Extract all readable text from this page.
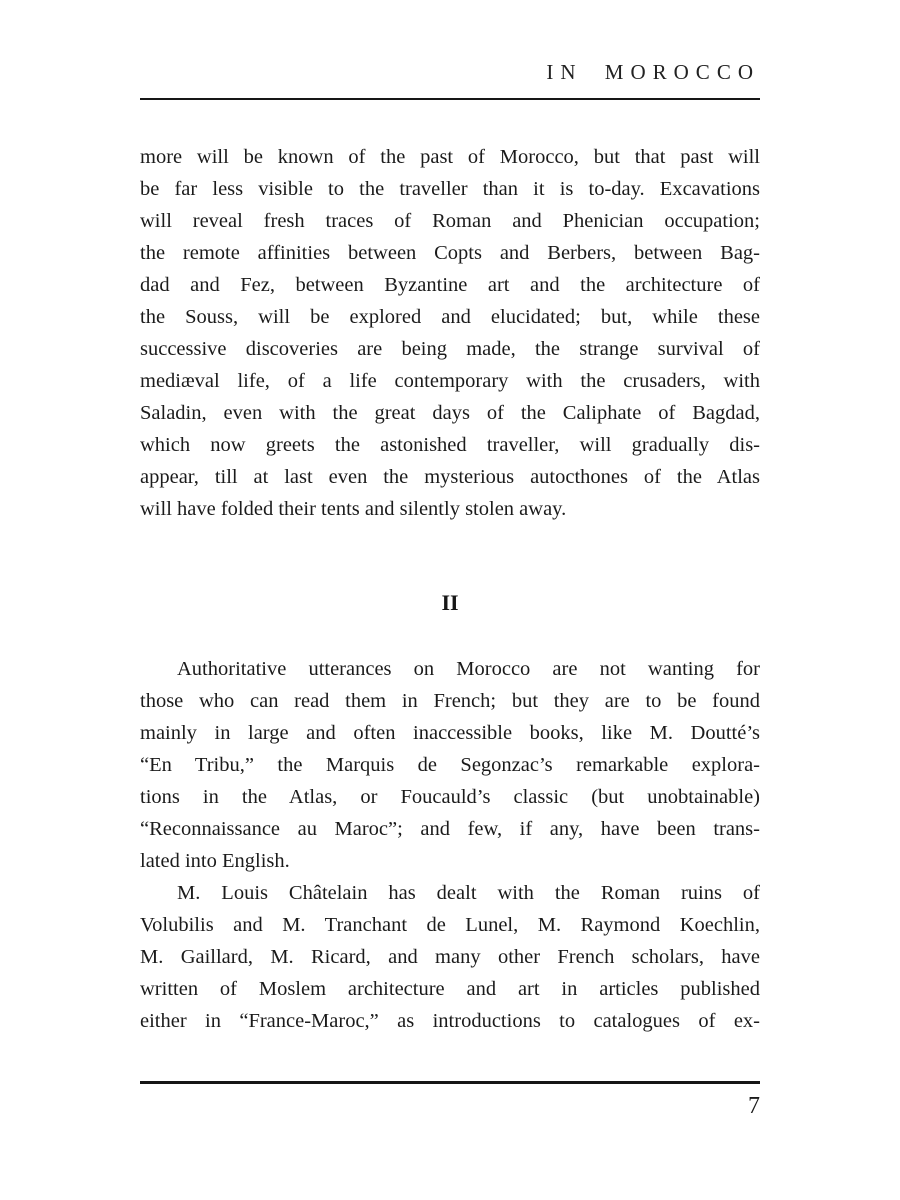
IN MOROCCO
more will be known of the past of Morocco, but that past will
be far less visible to the traveller than it is to-day. Excavations
will reveal fresh traces of Roman and Phenician occupation;
the remote affinities between Copts and Berbers, between Bag-
dad and Fez, between Byzantine art and the architecture of
the Souss, will be explored and elucidated; but, while these
successive discoveries are being made, the strange survival of
mediæval life, of a life contemporary with the crusaders, with
Saladin, even with the great days of the Caliphate of Bagdad,
which now greets the astonished traveller, will gradually dis-
appear, till at last even the mysterious autocthones of the Atlas
will have folded their tents and silently stolen away.
II
Authoritative utterances on Morocco are not wanting for
those who can read them in French; but they are to be found
mainly in large and often inaccessible books, like M. Doutté’s
“En Tribu,” the Marquis de Segonzac’s remarkable explora-
tions in the Atlas, or Foucauld’s classic (but unobtainable)
“Reconnaissance au Maroc”; and few, if any, have been trans-
lated into English.
M. Louis Châtelain has dealt with the Roman ruins of
Volubilis and M. Tranchant de Lunel, M. Raymond Koechlin,
M. Gaillard, M. Ricard, and many other French scholars, have
written of Moslem architecture and art in articles published
either in “France-Maroc,” as introductions to catalogues of ex-
7
